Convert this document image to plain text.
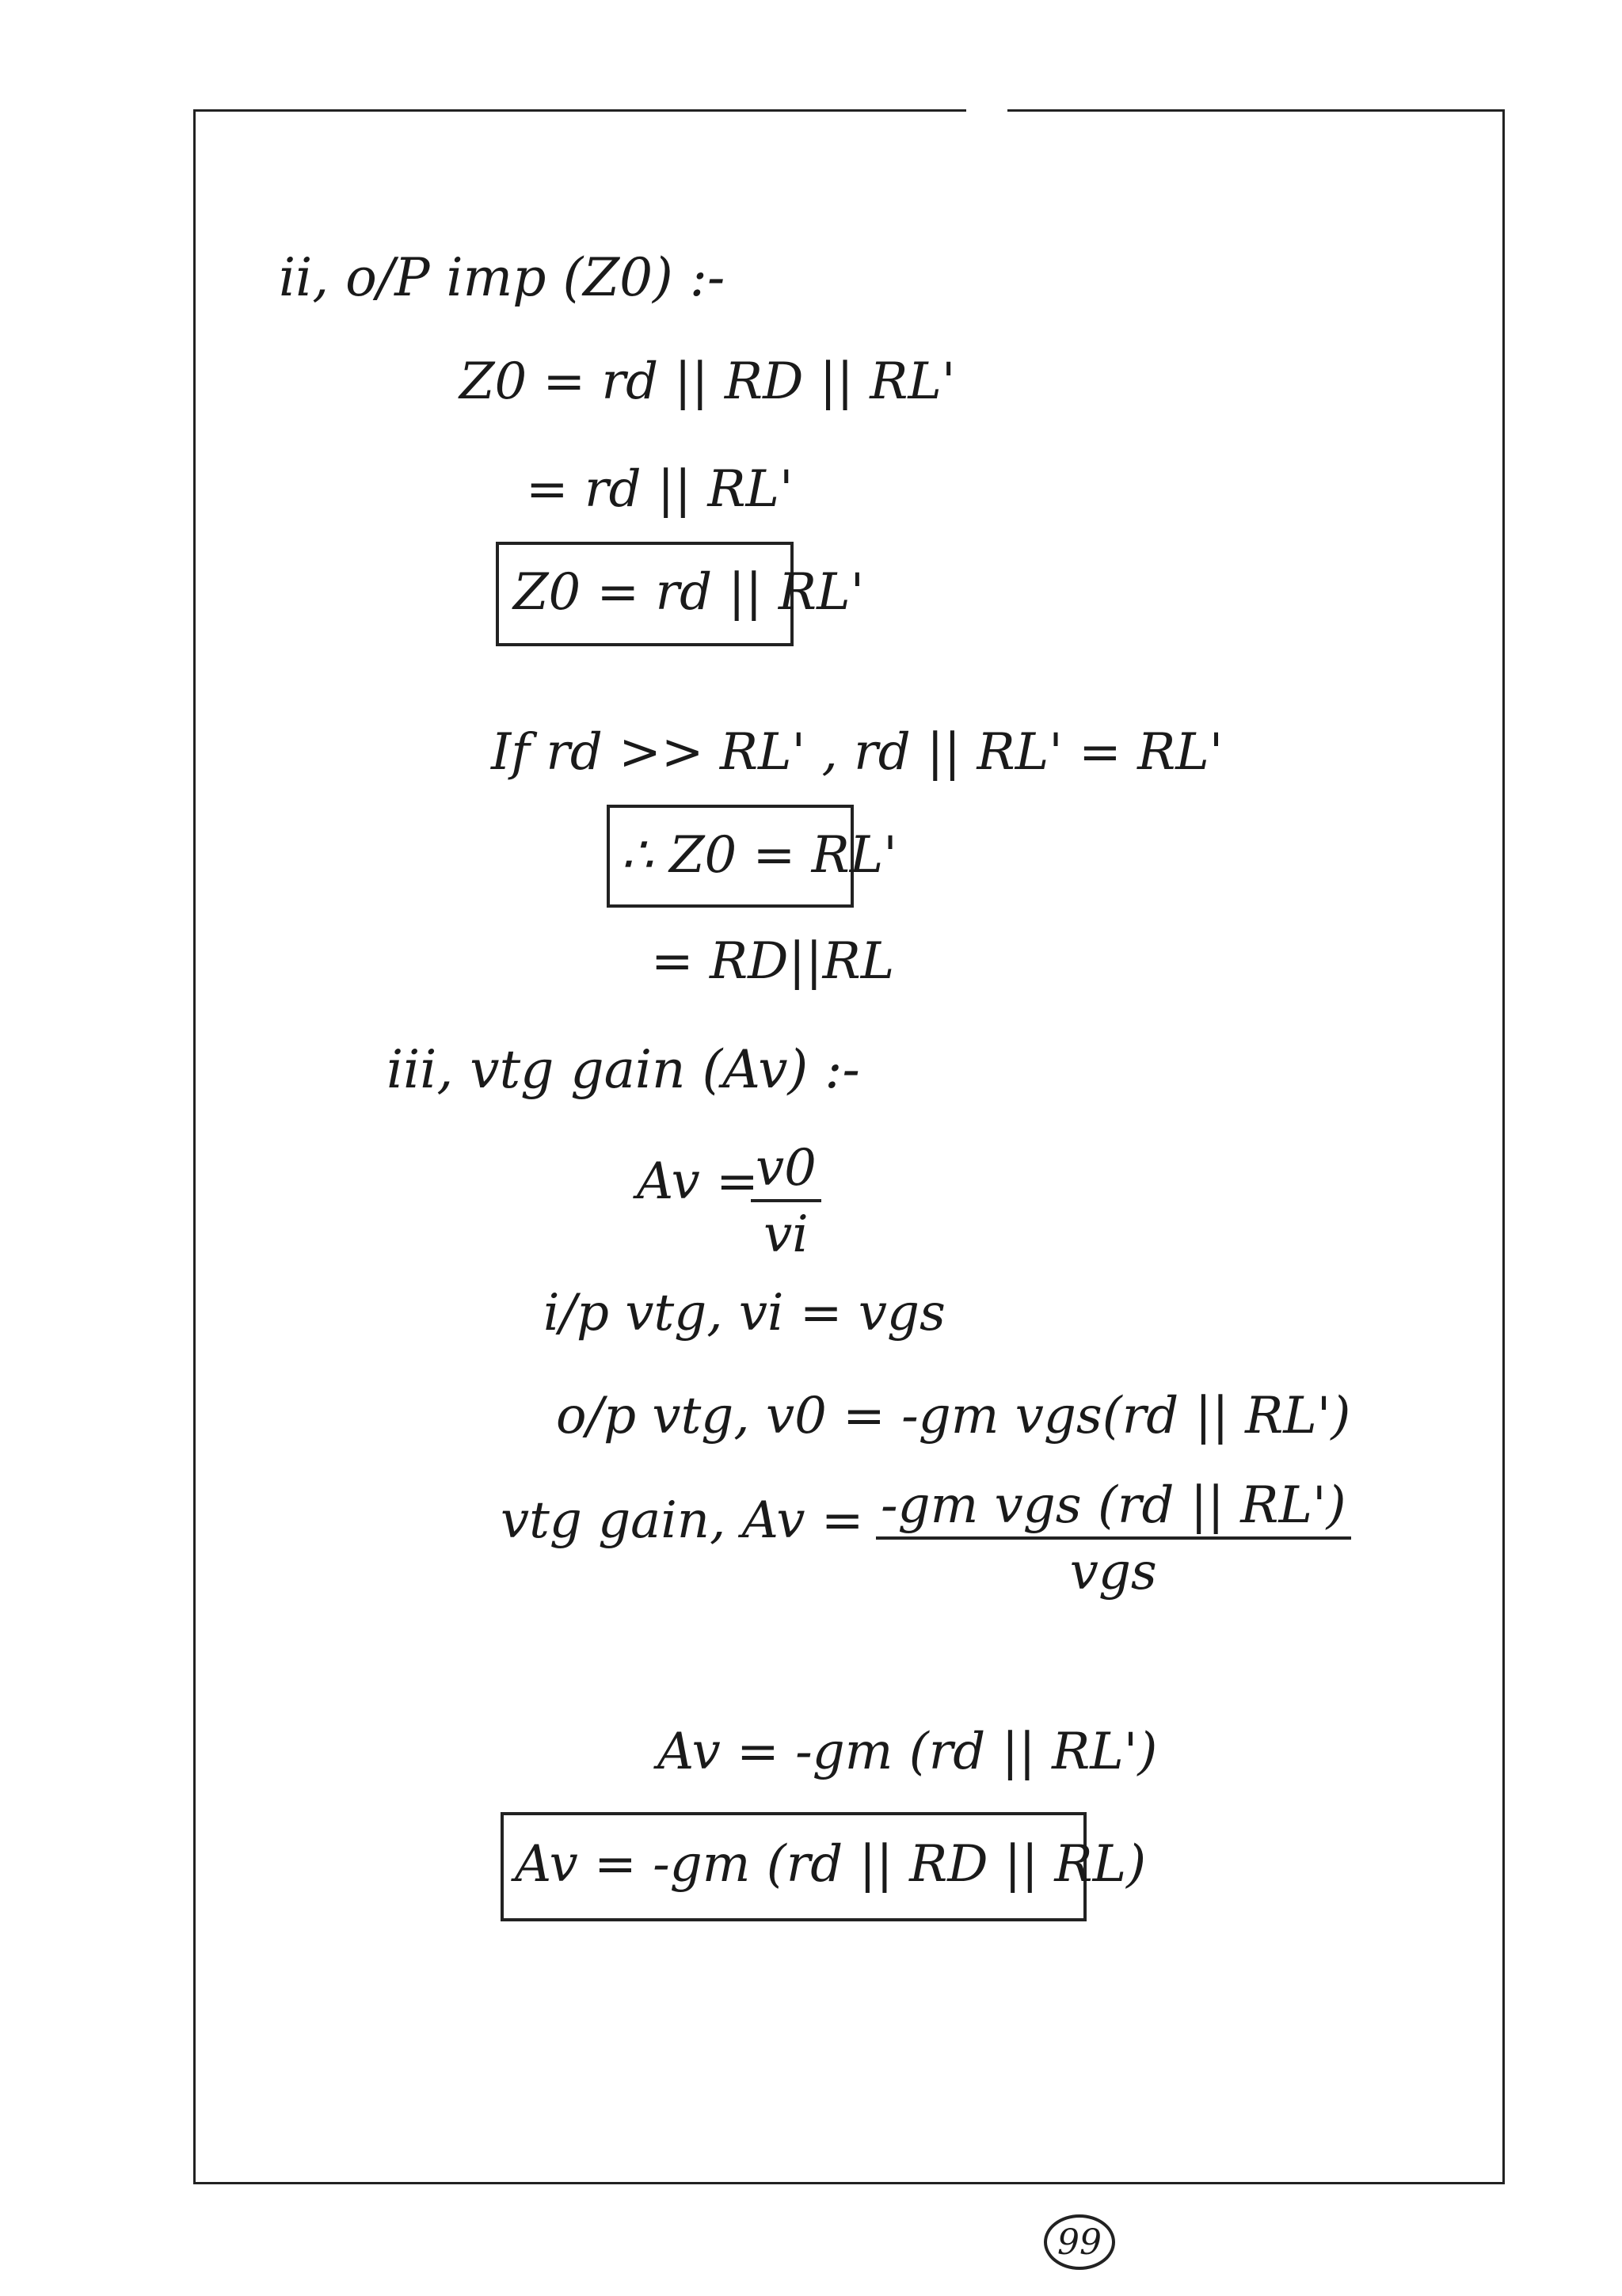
ii, o/P imp (Z0) :-
Z0 = rd || RD || RL'
= rd || RL'
Z0 = rd || RL'
If rd >> RL' , rd || RL' = RL'
∴ Z0 = RL'
= RD||RL
iii, vtg gain (Av) :-
Av =
v0
vi
i/p vtg, vi = vgs
o/p vtg, v0 = -gm vgs(rd || RL')
vtg gain, Av = -gm vgs (rd || RL')
vgs
Av = -gm (rd || RL')
Av = -gm (rd || RD || RL)
99
